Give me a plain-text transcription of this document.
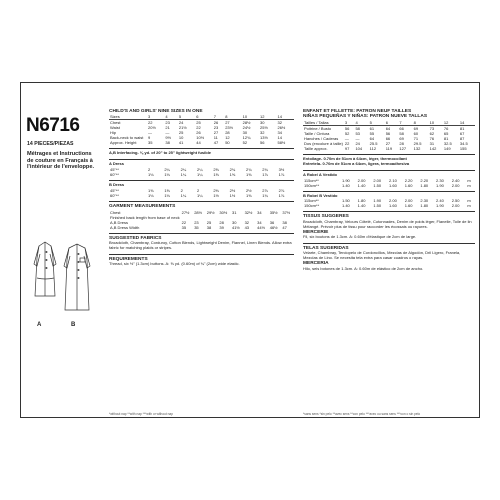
N6716
14 PIECES/PIEZAS
Métrages et Instructions de couture en Français à l'intérieur de l'enveloppe.
A	B
CHILD'S AND GIRLS' NINE SIZES IN ONE
Sizes	3	4	5	6	7	8	10	12	14
Chest	22	23	24	25	26	27	28½	30	32
Waist	20½	21	21½	22	23	23½	24½	25½	26½
Hip	—	—	25	26	27	28	30	32	34
Back-neck to waist	9	9½	10	10½	11	12	12¾	13½	14
Approx. Height	35	38	41	44	47	50	52	56	58½
A,B Interfacing- ⅜ yd. of 20" to 25" lightweight fusible
A Dress
45"**	2	2¼	2¼	2¼	2⅝	2¾	2¾	2¾	3½
60"**	1⅛	1⅛	1¼	1¼	1⅝	1⅝	1⅝	1⅞	1⅞
B Dress
45"**	1⅝	1⅝	2	2	2⅜	2½	2½	2⅞	2⅞
60"**	1⅛	1⅛	1¼	1¼	1½	1½	1⅝	1¾	1⅞
GARMENT MEASUREMENTS
Chest	27½	28½	29½	30½	31	32½	34	35½	37½
Finished back length from base of neck									
A,B Dress	22	23	25	28	30	32	34	36	38
A,B Dress Width	35	35	38	39	41½	43	44½	46½	47
SUGGESTED FABRICS

Broadcloth, Chambray, Corduroy, Cotton Blends, Lightweight Denim, Flannel, Linen Blends. Allow extra fabric for matching plaids or stripes.

REQUIREMENTS

Thread, six ½" (1.3cm) buttons. A: ⅝ yd. (0.60m) of ¾" (2cm) wide elastic.

*without nap **with nap ***with or without nap
ENFANT ET FILLETTE: PATRON NEUF TAILLES
NIÑAS PEQUEÑAS Y NIÑAS: PATRON NUEVE TALLAS
Tailles / Tallas	3	4	5	6	7	8	10	12	14
Poitrine / Busto	56	58	61	64	66	69	73	76	81
Taille / Cintura	52	53	55	56	58	60	62	65	67
Hanches / Caderas	—	—	64	66	69	71	76	81	87
Dos (encolure à taille)	22	24	25.5	27	28	29.5	31	32.5	34.5
Taille approx.	97	104	112	119	127	132	142	149	155
Entoilage- 0.70m de 51cm à 64cm, léger, thermocollant
Entretela- 0.70m de 51cm a 64cm, ligera, termoadhesiva
A Robe/ A Vestido
115cm**	1.90	2.00	2.00	2.10	2.20	2.20	2.30	2.40	m
150cm**	1.40	1.40	1.50	1.60	1.60	1.80	1.90	2.00	m
B Robe/ B Vestido
115cm**	1.50	1.80	1.90	2.00	2.00	2.30	2.40	2.50	m
150cm**	1.40	1.40	1.50	1.60	1.60	1.80	1.90	2.00	m
TISSUS SUGGERES

Broadcloth, Chambray, Velours Côtelé, Cotonnades, Denim de poids léger, Flanelle, Toile de lin Mélangé. Prévoir plus de tissu pour raccorder les écossais ou rayures.

MERCERIE

Fil, six boutons de 1.3cm. A: 0.60m d'élastique de 2cm de large.

TELAS SUGERIDAS

Velarte, Chambray, Terciopelo de Cordoncillos, Mezclas de Algodón, Dril Ligero, Franela, Mezclas de Lino. Se necesita tela extra para casar cuadros o rayas.

MERCERIA

Hilo, seis botones de 1.3cm. A: 0.60m de elástico de 2cm de ancho.

*sans sens *sin pelo **avec sens **con pelo ***avec ou sans sens ***con o sin pelo
